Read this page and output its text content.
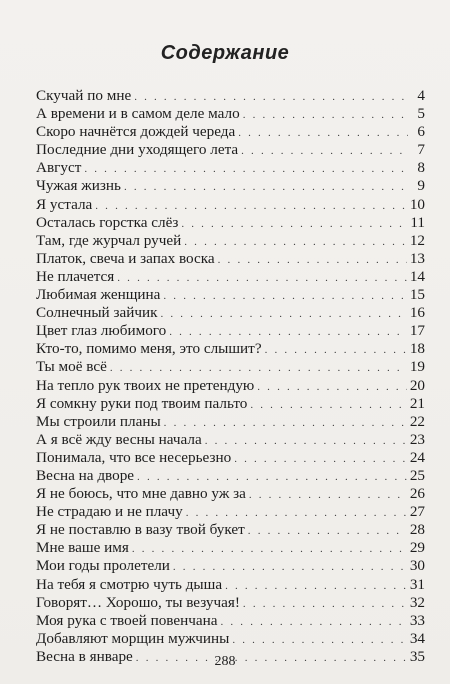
Содержание
Скучай по мне . . .	4
А времени и в самом деле мало . . .	5
Скоро начнётся дождей череда . . .	6
Последние дни уходящего лета . . .	7
Август . . .	8
Чужая жизнь . . .	9
Я устала . . .	10
Осталась горстка слёз . . .	11
Там, где журчал ручей . . .	12
Платок, свеча и запах воска . . .	13
Не плачется . . .	14
Любимая женщина . . .	15
Солнечный зайчик . . .	16
Цвет глаз любимого . . .	17
Кто-то, помимо меня, это слышит? . . .	18
Ты моё всё . . .	19
На тепло рук твоих не претендую . . .	20
Я сомкну руки под твоим пальто . . .	21
Мы строили планы . . .	22
А я всё жду весны начала . . .	23
Понимала, что все несерьезно . . .	24
Весна на дворе . . .	25
Я не боюсь, что мне давно уж за . . .	26
Не страдаю и не плачу . . .	27
Я не поставлю в вазу твой букет . . .	28
Мне ваше имя . . .	29
Мои годы пролетели . . .	30
На тебя я смотрю чуть дыша . . .	31
Говорят… Хорошо, ты везучая! . . .	32
Моя рука с твоей повенчана . . .	33
Добавляют морщин мужчины . . .	34
Весна в январе . . .	35
288
